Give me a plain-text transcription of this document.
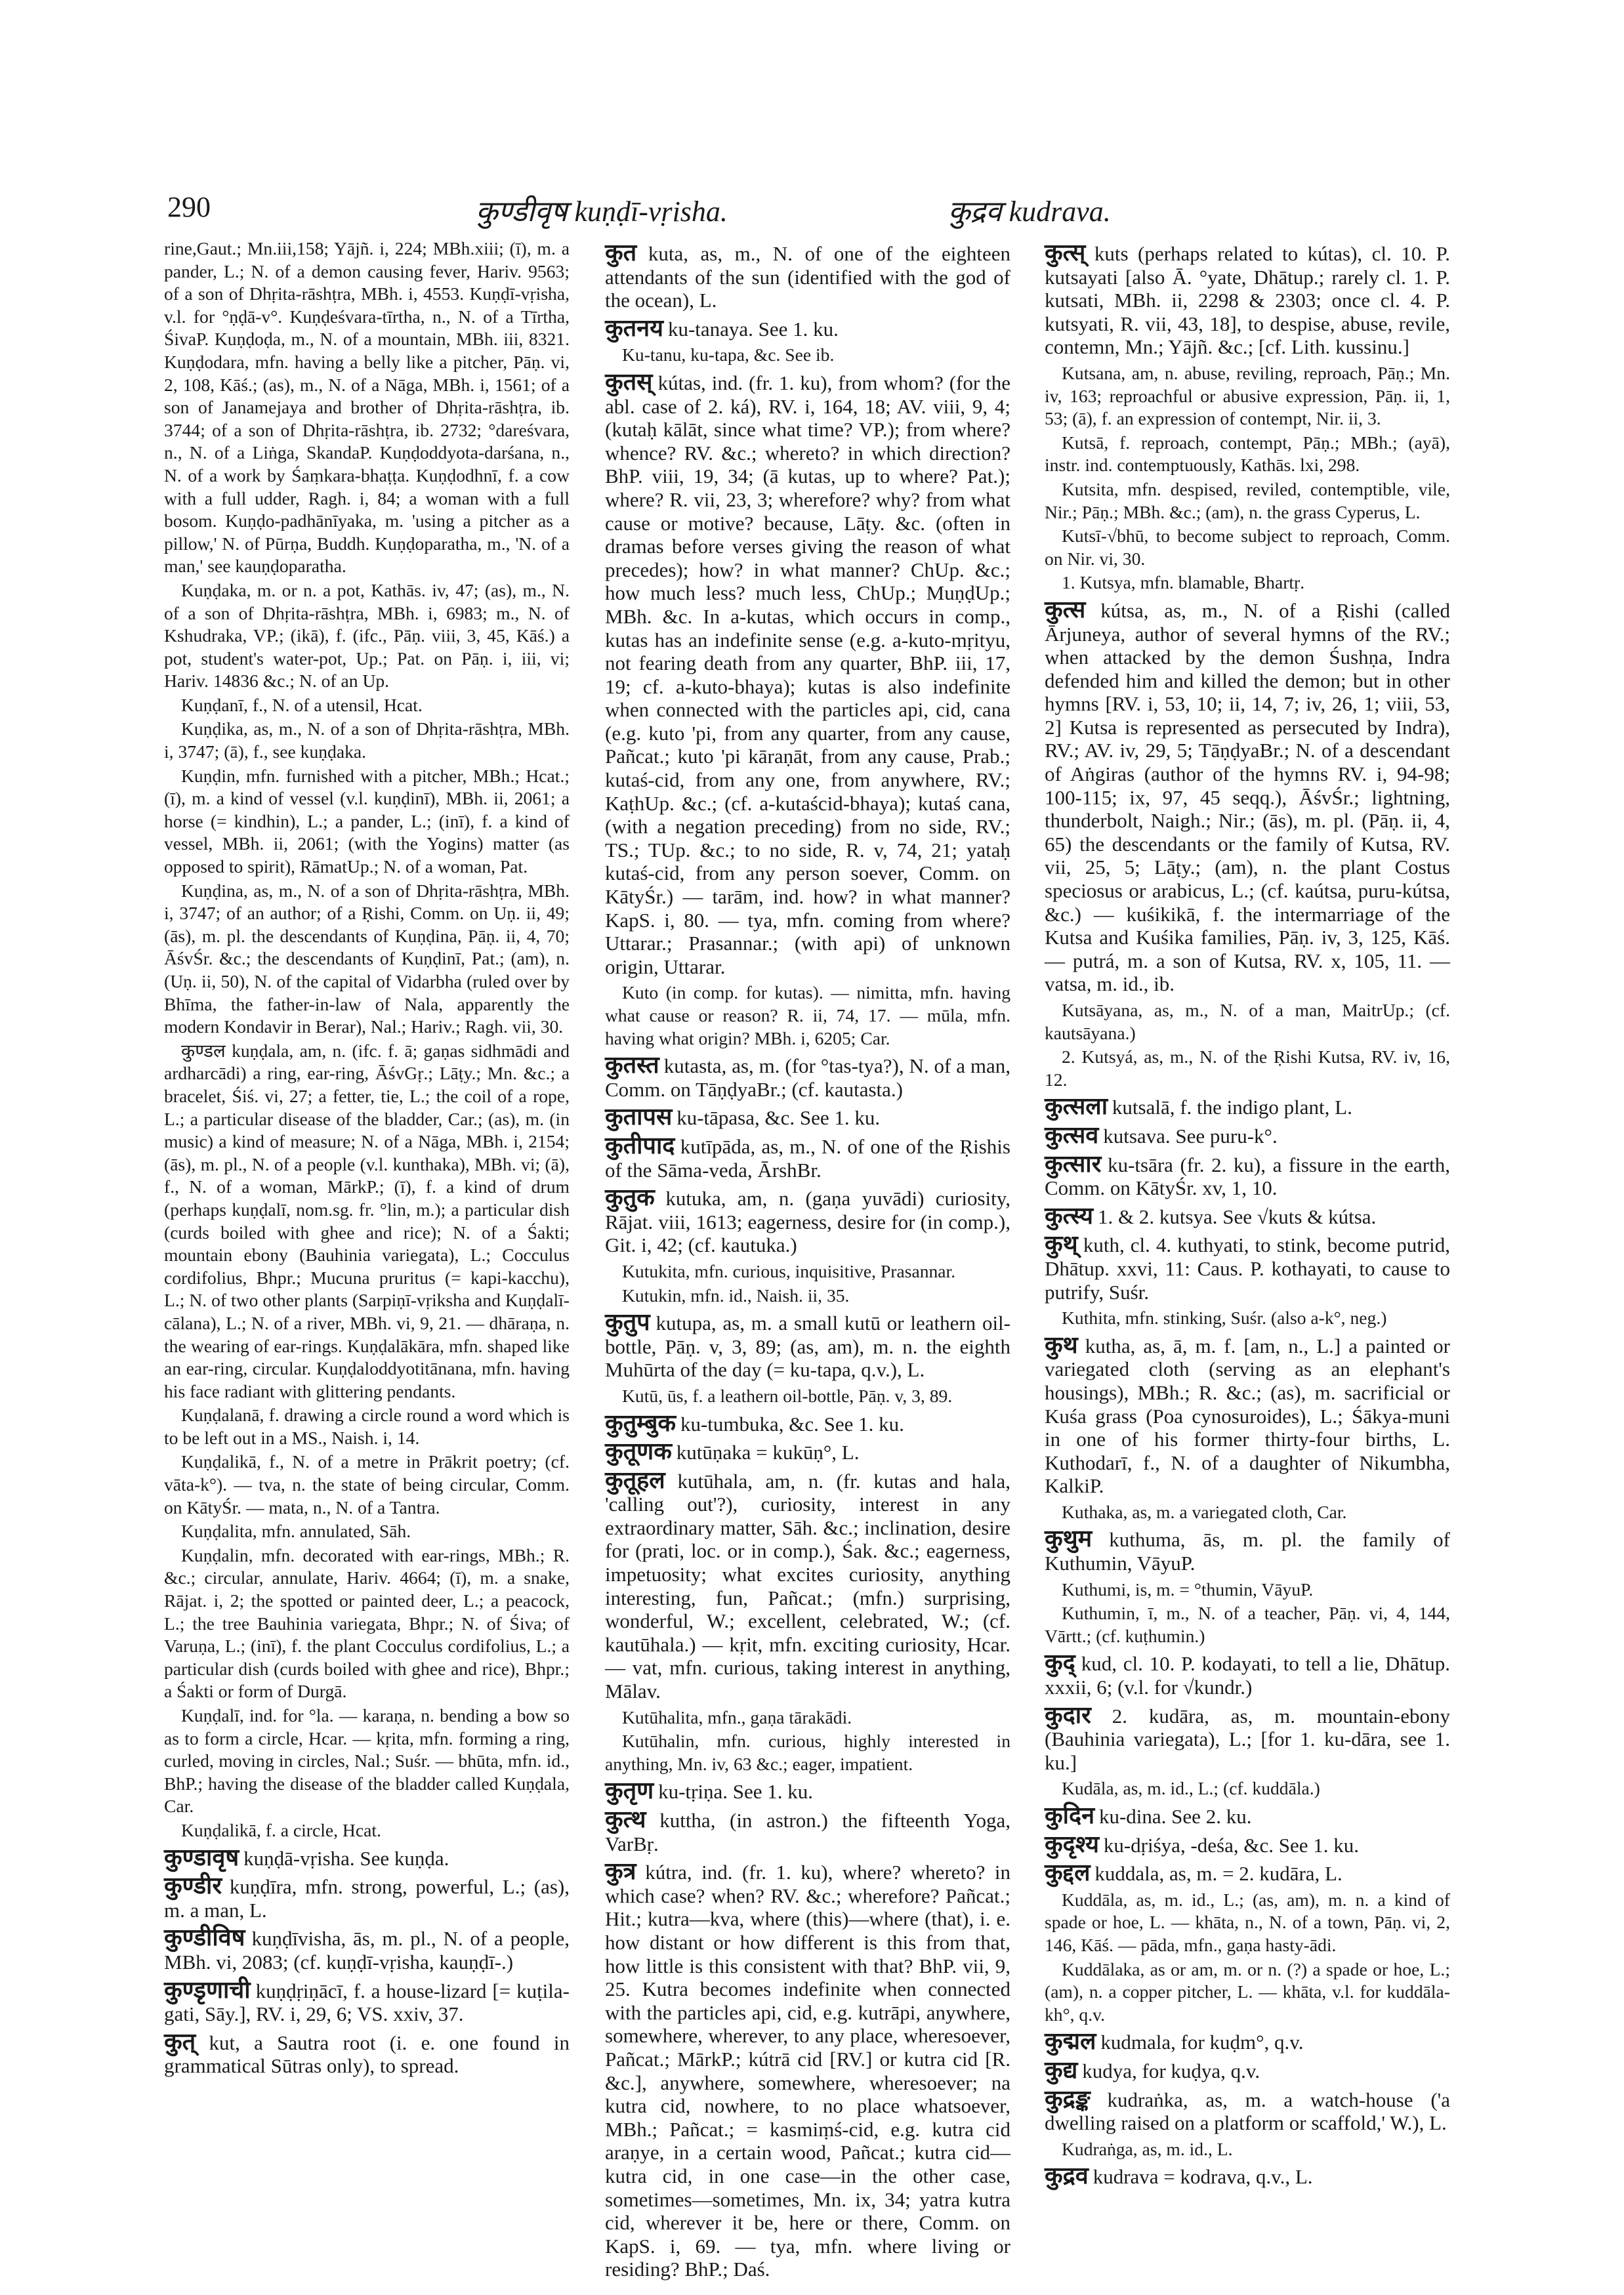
290	कुण्डीवृष kuṇḍī-vṛisha.	कुद्रव kudrava.

rine,Gaut.; Mn.iii,158; Yājñ. i, 224; MBh.xiii; (ī), m. a pander, L.; N. of a demon causing fever, Hariv. 9563; of a son of Dhṛita-rāshṭra, MBh. i, 4553. Kuṇḍī-vṛisha, v.l. for °ṇḍā-v°. Kuṇḍeśvara-tīrtha, n., N. of a Tīrtha, ŚivaP. Kuṇḍoḍa, m., N. of a mountain, MBh. iii, 8321. Kuṇḍodara, mfn. having a belly like a pitcher, Pāṇ. vi, 2, 108, Kāś.; (as), m., N. of a Nāga, MBh. i, 1561; of a son of Janamejaya and brother of Dhṛita-rāshṭra, ib. 3744; of a son of Dhṛita-rāshṭra, ib. 2732; °dareśvara, n., N. of a Liṅga, SkandaP. Kuṇḍoddyota-darśana, n., N. of a work by Śaṃkara-bhaṭṭa. Kuṇḍodhnī, f. a cow with a full udder, Ragh. i, 84; a woman with a full bosom. Kuṇḍo-padhānīyaka, m. 'using a pitcher as a pillow,' N. of Pūrṇa, Buddh. Kuṇḍoparatha, m., 'N. of a man,' see kauṇḍoparatha.

Kuṇḍaka, m. or n. a pot, Kathās. iv, 47; (as), m., N. of a son of Dhṛita-rāshṭra, MBh. i, 6983; m., N. of Kshudraka, VP.; (ikā), f. (ifc., Pāṇ. viii, 3, 45, Kāś.) a pot, student's water-pot, Up.; Pat. on Pāṇ. i, iii, vi; Hariv. 14836 &c.; N. of an Up.

Kuṇḍanī, f., N. of a utensil, Hcat.

Kuṇḍika, as, m., N. of a son of Dhṛita-rāshṭra, MBh. i, 3747; (ā), f., see kuṇḍaka.

Kuṇḍin, mfn. furnished with a pitcher, MBh.; Hcat.; (ī), m. a kind of vessel (v.l. kuṇḍinī), MBh. ii, 2061; a horse (= kindhin), L.; a pander, L.; (inī), f. a kind of vessel, MBh. ii, 2061; (with the Yogins) matter (as opposed to spirit), RāmatUp.; N. of a woman, Pat.

Kuṇḍina, as, m., N. of a son of Dhṛita-rāshṭra, MBh. i, 3747; of an author; of a Ṛishi, Comm. on Uṇ. ii, 49; (ās), m. pl. the descendants of Kuṇḍina, Pāṇ. ii, 4, 70; ĀśvŚr. &c.; the descendants of Kuṇḍinī, Pat.; (am), n. (Uṇ. ii, 50), N. of the capital of Vidarbha (ruled over by Bhīma, the father-in-law of Nala, apparently the modern Kondavir in Berar), Nal.; Hariv.; Ragh. vii, 30.

कुण्डल kuṇḍala, am, n. (ifc. f. ā; gaṇas sidhmādi and ardharcādi) a ring, ear-ring, ĀśvGṛ.; Lāṭy.; Mn. &c.; a bracelet, Śiś. vi, 27; a fetter, tie, L.; the coil of a rope, L.; a particular disease of the bladder, Car.; (as), m. (in music) a kind of measure; N. of a Nāga, MBh. i, 2154; (ās), m. pl., N. of a people (v.l. kunthaka), MBh. vi; (ā), f., N. of a woman, MārkP.; (ī), f. a kind of drum (perhaps kuṇḍalī, nom.sg. fr. °lin, m.); a particular dish (curds boiled with ghee and rice); N. of a Śakti; mountain ebony (Bauhinia variegata), L.; Cocculus cordifolius, Bhpr.; Mucuna pruritus (= kapi-kacchu), L.; N. of two other plants (Sarpiṇī-vṛiksha and Kuṇḍalī-cālana), L.; N. of a river, MBh. vi, 9, 21. — dhāraṇa, n. the wearing of ear-rings. Kuṇḍalākāra, mfn. shaped like an ear-ring, circular. Kuṇḍaloddyotitānana, mfn. having his face radiant with glittering pendants.

Kuṇḍalanā, f. drawing a circle round a word which is to be left out in a MS., Naish. i, 14.

Kuṇḍalikā, f., N. of a metre in Prākrit poetry; (cf. vāta-k°). — tva, n. the state of being circular, Comm. on KātyŚr. — mata, n., N. of a Tantra.

Kuṇḍalita, mfn. annulated, Sāh.

Kuṇḍalin, mfn. decorated with ear-rings, MBh.; R. &c.; circular, annulate, Hariv. 4664; (ī), m. a snake, Rājat. i, 2; the spotted or painted deer, L.; a peacock, L.; the tree Bauhinia variegata, Bhpr.; N. of Śiva; of Varuṇa, L.; (inī), f. the plant Cocculus cordifolius, L.; a particular dish (curds boiled with ghee and rice), Bhpr.; a Śakti or form of Durgā.

Kuṇḍalī, ind. for °la. — karaṇa, n. bending a bow so as to form a circle, Hcar. — kṛita, mfn. forming a ring, curled, moving in circles, Nal.; Suśr. — bhūta, mfn. id., BhP.; having the disease of the bladder called Kuṇḍala, Car.

Kuṇḍalikā, f. a circle, Hcat.

कुण्डावृष kuṇḍā-vṛisha. See kuṇḍa.

कुण्डीर kuṇḍīra, mfn. strong, powerful, L.; (as), m. a man, L.

कुण्डीविष kuṇḍīvisha, ās, m. pl., N. of a people, MBh. vi, 2083; (cf. kuṇḍī-vṛisha, kauṇḍī-.)

कुण्डृणाची kuṇḍṛiṇācī, f. a house-lizard [= kuṭila-gati, Sāy.], RV. i, 29, 6; VS. xxiv, 37.

कुत् kut, a Sautra root (i. e. one found in grammatical Sūtras only), to spread.

कुत kuta, as, m., N. of one of the eighteen attendants of the sun (identified with the god of the ocean), L.

कुतनय ku-tanaya. See 1. ku.

Ku-tanu, ku-tapa, &c. See ib.

कुतस् kútas, ind. (fr. 1. ku), from whom? (for the abl. case of 2. ká), RV. i, 164, 18; AV. viii, 9, 4; (kutaḥ kālāt, since what time? VP.); from where? whence? RV. &c.; whereto? in which direction? BhP. viii, 19, 34; (ā kutas, up to where? Pat.); where? R. vii, 23, 3; wherefore? why? from what cause or motive? because, Lāṭy. &c. (often in dramas before verses giving the reason of what precedes); how? in what manner? ChUp. &c.; how much less? much less, ChUp.; MuṇḍUp.; MBh. &c. In a-kutas, which occurs in comp., kutas has an indefinite sense (e.g. a-kuto-mṛityu, not fearing death from any quarter, BhP. iii, 17, 19; cf. a-kuto-bhaya); kutas is also indefinite when connected with the particles api, cid, cana (e.g. kuto 'pi, from any quarter, from any cause, Pañcat.; kuto 'pi kāraṇāt, from any cause, Prab.; kutaś-cid, from any one, from anywhere, RV.; KaṭhUp. &c.; (cf. a-kutaścid-bhaya); kutaś cana, (with a negation preceding) from no side, RV.; TS.; TUp. &c.; to no side, R. v, 74, 21; yataḥ kutaś-cid, from any person soever, Comm. on KātyŚr.) — tarām, ind. how? in what manner? KapS. i, 80. — tya, mfn. coming from where? Uttarar.; Prasannar.; (with api) of unknown origin, Uttarar.

Kuto (in comp. for kutas). — nimitta, mfn. having what cause or reason? R. ii, 74, 17. — mūla, mfn. having what origin? MBh. i, 6205; Car.

कुतस्त kutasta, as, m. (for °tas-tya?), N. of a man, Comm. on TāṇḍyaBr.; (cf. kautasta.)

कुतापस ku-tāpasa, &c. See 1. ku.

कुतीपाद kutīpāda, as, m., N. of one of the Ṛishis of the Sāma-veda, ĀrshBr.

कुतुक kutuka, am, n. (gaṇa yuvādi) curiosity, Rājat. viii, 1613; eagerness, desire for (in comp.), Git. i, 42; (cf. kautuka.)

Kutukita, mfn. curious, inquisitive, Prasannar.

Kutukin, mfn. id., Naish. ii, 35.

कुतुप kutupa, as, m. a small kutū or leathern oil-bottle, Pāṇ. v, 3, 89; (as, am), m. n. the eighth Muhūrta of the day (= ku-tapa, q.v.), L.

Kutū, ūs, f. a leathern oil-bottle, Pāṇ. v, 3, 89.

कुतुम्बुक ku-tumbuka, &c. See 1. ku.

कुतूणक kutūṇaka = kukūṇ°, L.

कुतूहल kutūhala, am, n. (fr. kutas and hala, 'calling out'?), curiosity, interest in any extraordinary matter, Sāh. &c.; inclination, desire for (prati, loc. or in comp.), Śak. &c.; eagerness, impetuosity; what excites curiosity, anything interesting, fun, Pañcat.; (mfn.) surprising, wonderful, W.; excellent, celebrated, W.; (cf. kautūhala.) — kṛit, mfn. exciting curiosity, Hcar. — vat, mfn. curious, taking interest in anything, Mālav.

Kutūhalita, mfn., gaṇa tārakādi.

Kutūhalin, mfn. curious, highly interested in anything, Mn. iv, 63 &c.; eager, impatient.

कुतृण ku-tṛiṇa. See 1. ku.

कुत्थ kuttha, (in astron.) the fifteenth Yoga, VarBṛ.

कुत्र kútra, ind. (fr. 1. ku), where? whereto? in which case? when? RV. &c.; wherefore? Pañcat.; Hit.; kutra—kva, where (this)—where (that), i. e. how distant or how different is this from that, how little is this consistent with that? BhP. vii, 9, 25. Kutra becomes indefinite when connected with the particles api, cid, e.g. kutrāpi, anywhere, somewhere, wherever, to any place, wheresoever, Pañcat.; MārkP.; kútrā cid [RV.] or kutra cid [R. &c.], anywhere, somewhere, wheresoever; na kutra cid, nowhere, to no place whatsoever, MBh.; Pañcat.; = kasmiṃś-cid, e.g. kutra cid araṇye, in a certain wood, Pañcat.; kutra cid—kutra cid, in one case—in the other case, sometimes—sometimes, Mn. ix, 34; yatra kutra cid, wherever it be, here or there, Comm. on KapS. i, 69. — tya, mfn. where living or residing? BhP.; Daś.

कुत्स् kuts (perhaps related to kútas), cl. 10. P. kutsayati [also Ā. °yate, Dhātup.; rarely cl. 1. P. kutsati, MBh. ii, 2298 & 2303; once cl. 4. P. kutsyati, R. vii, 43, 18], to despise, abuse, revile, contemn, Mn.; Yājñ. &c.; [cf. Lith. kussinu.]

Kutsana, am, n. abuse, reviling, reproach, Pāṇ.; Mn. iv, 163; reproachful or abusive expression, Pāṇ. ii, 1, 53; (ā), f. an expression of contempt, Nir. ii, 3.

Kutsā, f. reproach, contempt, Pāṇ.; MBh.; (ayā), instr. ind. contemptuously, Kathās. lxi, 298.

Kutsita, mfn. despised, reviled, contemptible, vile, Nir.; Pāṇ.; MBh. &c.; (am), n. the grass Cyperus, L.

Kutsī-√bhū, to become subject to reproach, Comm. on Nir. vi, 30.

1. Kutsya, mfn. blamable, Bhartṛ.

कुत्स kútsa, as, m., N. of a Ṛishi (called Ārjuneya, author of several hymns of the RV.; when attacked by the demon Śushṇa, Indra defended him and killed the demon; but in other hymns [RV. i, 53, 10; ii, 14, 7; iv, 26, 1; viii, 53, 2] Kutsa is represented as persecuted by Indra), RV.; AV. iv, 29, 5; TāṇḍyaBr.; N. of a descendant of Aṅgiras (author of the hymns RV. i, 94-98; 100-115; ix, 97, 45 seqq.), ĀśvŚr.; lightning, thunderbolt, Naigh.; Nir.; (ās), m. pl. (Pāṇ. ii, 4, 65) the descendants or the family of Kutsa, RV. vii, 25, 5; Lāṭy.; (am), n. the plant Costus speciosus or arabicus, L.; (cf. kaútsa, puru-kútsa, &c.) — kuśikikā, f. the intermarriage of the Kutsa and Kuśika families, Pāṇ. iv, 3, 125, Kāś. — putrá, m. a son of Kutsa, RV. x, 105, 11. — vatsa, m. id., ib.

Kutsāyana, as, m., N. of a man, MaitrUp.; (cf. kautsāyana.)

2. Kutsyá, as, m., N. of the Ṛishi Kutsa, RV. iv, 16, 12.

कुत्सला kutsalā, f. the indigo plant, L.

कुत्सव kutsava. See puru-k°.

कुत्सार ku-tsāra (fr. 2. ku), a fissure in the earth, Comm. on KātyŚr. xv, 1, 10.

कुत्स्य 1. & 2. kutsya. See √kuts & kútsa.

कुथ् kuth, cl. 4. kuthyati, to stink, become putrid, Dhātup. xxvi, 11: Caus. P. kothayati, to cause to putrify, Suśr.

Kuthita, mfn. stinking, Suśr. (also a-k°, neg.)

कुथ kutha, as, ā, m. f. [am, n., L.] a painted or variegated cloth (serving as an elephant's housings), MBh.; R. &c.; (as), m. sacrificial or Kuśa grass (Poa cynosuroides), L.; Śākya-muni in one of his former thirty-four births, L. Kuthodarī, f., N. of a daughter of Nikumbha, KalkiP.

Kuthaka, as, m. a variegated cloth, Car.

कुथुम kuthuma, ās, m. pl. the family of Kuthumin, VāyuP.

Kuthumi, is, m. = °thumin, VāyuP.

Kuthumin, ī, m., N. of a teacher, Pāṇ. vi, 4, 144, Vārtt.; (cf. kuṭhumin.)

कुद् kud, cl. 10. P. kodayati, to tell a lie, Dhātup. xxxii, 6; (v.l. for √kundr.)

कुदार 2. kudāra, as, m. mountain-ebony (Bauhinia variegata), L.; [for 1. ku-dāra, see 1. ku.]

Kudāla, as, m. id., L.; (cf. kuddāla.)

कुदिन ku-dina. See 2. ku.

कुदृश्य ku-dṛiśya, -deśa, &c. See 1. ku.

कुद्दल kuddala, as, m. = 2. kudāra, L.

Kuddāla, as, m. id., L.; (as, am), m. n. a kind of spade or hoe, L. — khāta, n., N. of a town, Pāṇ. vi, 2, 146, Kāś. — pāda, mfn., gaṇa hasty-ādi.

Kuddālaka, as or am, m. or n. (?) a spade or hoe, L.; (am), n. a copper pitcher, L. — khāta, v.l. for kuddāla-kh°, q.v.

कुद्मल kudmala, for kuḍm°, q.v.

कुद्य kudya, for kuḍya, q.v.

कुद्रङ्क kudraṅka, as, m. a watch-house ('a dwelling raised on a platform or scaffold,' W.), L.

Kudraṅga, as, m. id., L.

कुद्रव kudrava = kodrava, q.v., L.
